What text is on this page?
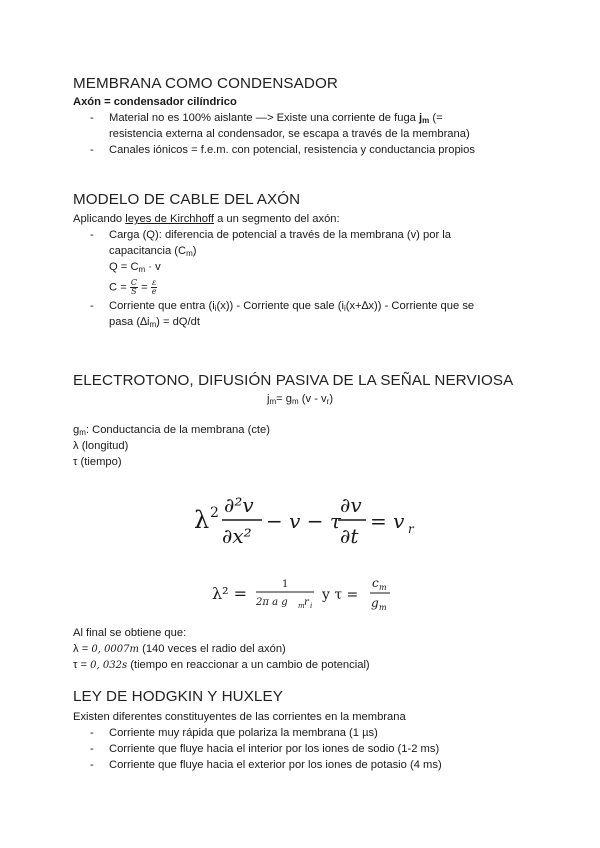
MEMBRANA COMO CONDENSADOR

Axón = condensador cilíndrico

- Material no es 100% aislante —> Existe una corriente de fuga $j_m$ (=
resistencia externa al condensador, se escapa a través de la membrana)
- Canales iónicos = f.e.m. con potencial, resistencia y conductancia propios
MODELO DE CABLE DEL AXÓN

Aplicando leyes de Kirchhoff a un segmento del axón:

- Carga (Q): diferencia de potencial a través de la membrana (v) por la
capacitancia $(C_m)$
$Q = C_m \cdot v$
$C = \frac{C}{S} = \frac{\varepsilon}{e}$
- Corriente que entra $(i_i(x))$ - Corriente que sale $(i_i(x+\Delta x))$ - Corriente que se
pasa $(\Delta i_m) = dQ/dt$
ELECTROTONO, DIFUSIÓN PASIVA DE LA SEÑAL NERVIOSA
$j_m= g_m$ $(v - v_r)$

$g_m$: Conductancia de la membrana (cte)

λ (longitud)

τ (tiempo)

λ 2 ∂²v
∂x²
− v − τ
∂v
∂t
= v r
λ² =	1
2π a g m r i
y τ =
c m
g m

Al final se obtiene que:

λ = 0, 0007m (140 veces el radio del axón)

τ = 0, 032s (tiempo en reaccionar a un cambio de potencial)

LEY DE HODGKIN Y HUXLEY

Existen diferentes constituyentes de las corrientes en la membrana

- Corriente muy rápida que polariza la membrana (1 µs)
- Corriente que fluye hacia el interior por los iones de sodio (1-2 ms)
- Corriente que fluye hacia el exterior por los iones de potasio (4 ms)
